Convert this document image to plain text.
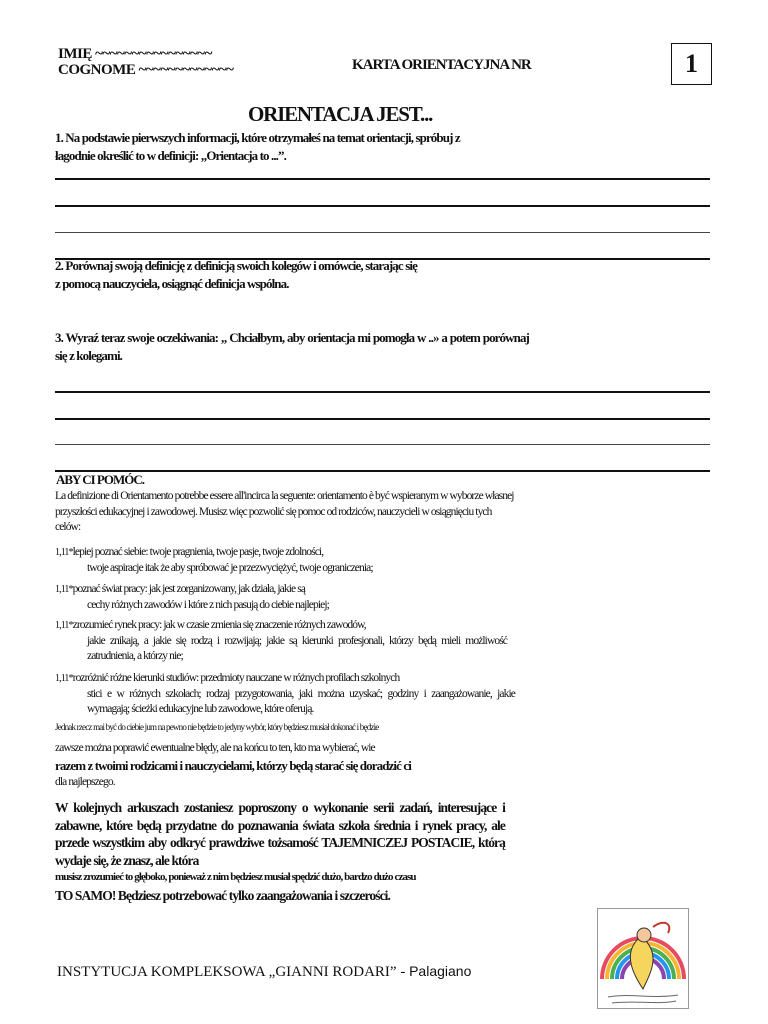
IMIĘ ~~~~~~~~~~~~~~~~
COGNOME ~~~~~~~~~~~~~	KARTA ORIENTACYJNA NR	1
ORIENTACJA JEST...
1. Na podstawie pierwszych informacji, które otrzymałeś na temat orientacji, spróbuj z łagodnie określić to w definicji: „Orientacja to ...”.
2. Porównaj swoją definicję z definicją swoich kolegów i omówcie, starając się z pomocą nauczyciela, osiągnąć definicja wspólna.
3. Wyraź teraz swoje oczekiwania: „ Chciałbym, aby orientacja mi pomogła w ..» a potem porównaj się z kolegami.
ABY CI POMÓC.
La definizione di Orientamento potrebbe essere all'incirca la seguente: orientamento è być wspieranym w wyborze własnej przyszłości edukacyjnej i zawodowej. Musisz więc pozwolić się pomoc od rodziców, nauczycieli w osiągnięciu tych celów:
1,11*lepiej poznać siebie: twoje pragnienia, twoje pasje, twoje zdolności,
twoje aspiracje itak że aby spróbować je przezwyciężyć, twoje ograniczenia;
1,11*poznać świat pracy: jak jest zorganizowany, jak działa, jakie są
cechy różnych zawodów i które z nich pasują do ciebie najlepiej;
1,11*zrozumieć rynek pracy: jak w czasie zmienia się znaczenie różnych zawodów,
jakie znikają, a jakie się rodzą i rozwijają; jakie są kierunki profesjonali, którzy będą mieli możliwość zatrudnienia, a którzy nie;
1,11*rozróżnić różne kierunki studiów: przedmioty nauczane w różnych profilach szkolnych
stici e w różnych szkołach; rodzaj przygotowania, jaki można uzyskać; godziny i zaangażowanie, jakie wymagają; ścieżki edukacyjne lub zawodowe, które oferują.
Jednak rzecz mai być do ciebie jum na pewno nie będzie to jedyny wybór, który będziesz musiał dokonać i będzie
zawsze można poprawić ewentualne błędy, ale na końcu to ten, kto ma wybierać, wie
razem z twoimi rodzicami i nauczycielami, którzy będą starać się doradzić ci
dla najlepszego.
W kolejnych arkuszach zostaniesz poproszony o wykonanie serii zadań, interesujące i zabawne, które będą przydatne do poznawania świata szkoła średnia i rynek pracy, ale przede wszystkim aby odkryć prawdziwe tożsamość TAJEMNICZEJ POSTACIE, którą wydaje się, że znasz, ale która
musisz zrozumieć to głęboko, ponieważ z nim będziesz musiał spędzić dużo, bardzo dużo czasu
TO SAMO! Będziesz potrzebować tylko zaangażowania i szczerości.
INSTYTUCJA KOMPLEKSOWA „GIANNI RODARI” - Palagiano
